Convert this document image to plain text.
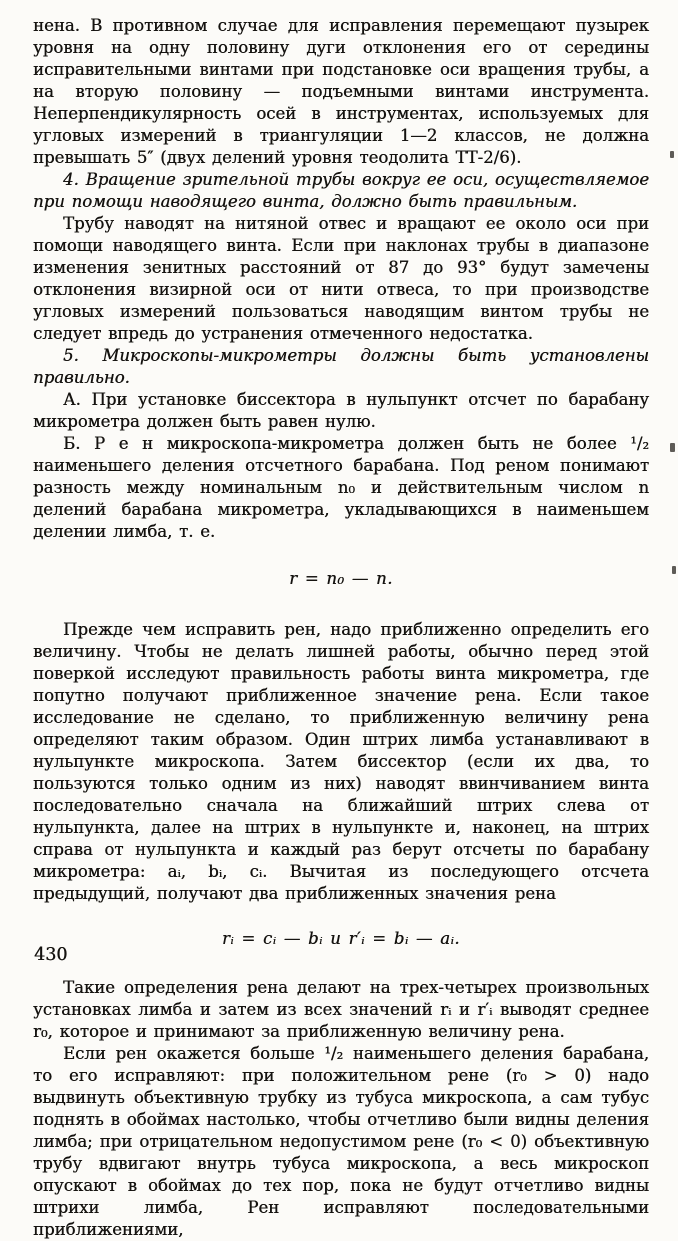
нена. В противном случае для исправления перемещают пузырек уровня на одну половину дуги отклонения его от середины исправительными винтами при подстановке оси вращения трубы, а на вторую половину — подъемными винтами инструмента. Неперпендикулярность осей в инструментах, используемых для угловых измерений в триангуляции 1—2 классов, не должна превышать 5″ (двух делений уровня теодолита ТТ-2/6).

4. Вращение зрительной трубы вокруг ее оси, осуществляемое при помощи наводящего винта, должно быть правильным.

Трубу наводят на нитяной отвес и вращают ее около оси при помощи наводящего винта. Если при наклонах трубы в диапазоне изменения зенитных расстояний от 87 до 93° будут замечены отклонения визирной оси от нити отвеса, то при производстве угловых измерений пользоваться наводящим винтом трубы не следует впредь до устранения отмеченного недостатка.

5. Микроскопы-микрометры должны быть установлены правильно.

А. При установке биссектора в нульпункт отсчет по барабану микрометра должен быть равен нулю.

Б. Р е н микроскопа-микрометра должен быть не более ¹/₂ наименьшего деления отсчетного барабана. Под реном понимают разность между номинальным n₀ и действительным числом n делений барабана микрометра, укладывающихся в наименьшем делении лимба, т. е.

r = n₀ — n.

Прежде чем исправить рен, надо приближенно определить его величину. Чтобы не делать лишней работы, обычно перед этой поверкой исследуют правильность работы винта микрометра, где попутно получают приближенное значение рена. Если такое исследование не сделано, то приближенную величину рена определяют таким образом. Один штрих лимба устанавливают в нульпункте микроскопа. Затем биссектор (если их два, то пользуются только одним из них) наводят ввинчиванием винта последовательно сначала на ближайший штрих слева от нульпункта, далее на штрих в нульпункте и, наконец, на штрих справа от нульпункта и каждый раз берут отсчеты по барабану микрометра: aᵢ, bᵢ, cᵢ. Вычитая из последующего отсчета предыдущий, получают два приближенных значения рена

rᵢ = cᵢ — bᵢ и r′ᵢ = bᵢ — aᵢ.

Такие определения рена делают на трех-четырех произвольных установках лимба и затем из всех значений rᵢ и r′ᵢ выводят среднее r₀, которое и принимают за приближенную величину рена.

Если рен окажется больше ¹/₂ наименьшего деления барабана, то его исправляют: при положительном рене (r₀ > 0) надо выдвинуть объективную трубку из тубуса микроскопа, а сам тубус поднять в обоймах настолько, чтобы отчетливо были видны деления лимба; при отрицательном недопустимом рене (r₀ < 0) объективную трубу вдвигают внутрь тубуса микроскопа, а весь микроскоп опускают в обоймах до тех пор, пока не будут отчетливо видны штрихи лимба, Рен исправляют последовательными приближениями,

430
